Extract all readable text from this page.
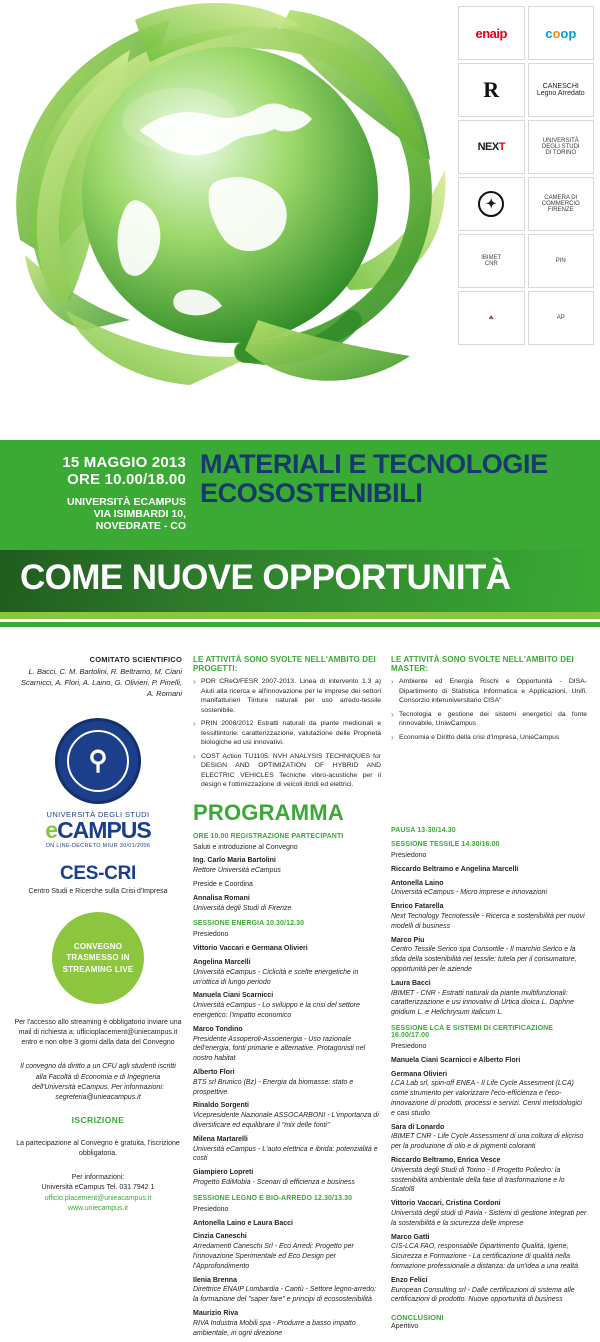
enaip	coop
R	CANESCHI
Legno Arredato
NEXT	UNIVERSITÀ
DEGLI STUDI
DI TORINO
✦	CAMERA DI
COMMERCIO
FIRENZE
IBIMET
CNR
PIN
☘	AP
15 MAGGIO 2013
ORE 10.00/18.00
UNIVERSITÀ ECAMPUS
VIA ISIMBARDI 10, NOVEDRATE - CO
MATERIALI E TECNOLOGIE
ECOSOSTENIBILI
COME NUOVE OPPORTUNITÀ
COMITATO SCIENTIFICO
L. Bacci, C. M. Bartolini, R. Beltramo, M. Ciani Scarnicci, A. Flori, A. Laino, G. Olivieri, P. Pinelli, A. Romani
⚲
UNIVERSITÀ DEGLI STUDI
eCAMPUS
ON LINE-DECRETO MIUR 30/01/2006
CES-CRI
Centro Studi e Ricerche sulla Crisi d'Impresa
CONVEGNO TRASMESSO IN STREAMING LIVE
Per l'accesso allo streaming è obbligatorio inviare una mail di richiesta a: ufficioplacement@uniecampus.it entro e non oltre 3 giorni dalla data del Convegno
Il convegno dà diritto a un CFU agli studenti iscritti alla Facoltà di Economia e di Ingegneria dell'Università eCampus. Per informazioni: segreteria@unieacampus.it
ISCRIZIONE
La partecipazione al Convegno è gratuita, l'iscrizione obbligatoria.
Per informazioni:
Università eCampus Tel. 031 7942 1
ufficio.placement@unieacampus.it
www.uniecampus.it
LE ATTIVITÀ SONO SVOLTE NELL'AMBITO DEI PROGETTI:
› POR CReO/FESR 2007-2013. Linea di intervento 1.3 a) Aiuti alla ricerca e all'innovazione per le imprese dei settori manifatturieri Tinture naturali per uso arredo-tessile sostenibile.
› PRIN 2008/2012 Estratti naturali da piante medicinali e tessiltintorie: caratterizzazione, valutazione delle Proprietà biologiche ed usi innovativi.
› COST Action TU1105: NVH ANALYSIS TECHNIQUES for DESIGN AND OPTIMIZATION OF HYBRID AND ELECTRIC VEHICLES Tecniche vibro-acustiche per il design e l'ottimizzazione di veicoli ibridi ed elettrici.
PROGRAMMA
ORE 10.00 REGISTRAZIONE PARTECIPANTI
Saluti e introduzione al Convegno
Ing. Carlo Maria Bartolini
Rettore Università eCampus
Preside e Coordina
Annalisa Romani
Università degli Studi di Firenze
SESSIONE ENERGIA 10.30/12.30
Presiedono
Vittorio Vaccari e Germana Olivieri
Angelina Marcelli
Università eCampus - Ciclicità e scelte energetiche in un'ottica di lungo periodo
Manuela Ciani Scarnicci
Università eCampus - Lo sviluppo e la crisi del settore energetico: l'impatto economico
Marco Tondino
Presidente Assoperoli-Assoenergia - Uso razionale dell'energia, fonti primarie e alternative. Protagonisti nel nostro habitat
Alberto Flori
BTS srl Brunico (Bz) - Energia da biomasse: stato e prospettive
Rinaldo Sorgenti
Vicepresidente Nazionale ASSOCARBONI - L'importanza di diversificare ed equilibrare il "mix delle fonti"
Milena Martarelli
Università eCampus - L'auto elettrica e ibrida: potenzialità e costi
Giampiero Lopreti
Progetto EdiMobia - Scenari di efficienza e business
SESSIONE LEGNO E BIO-ARREDO 12.30/13.30
Presiedono
Antonella Laino e Laura Bacci
Cinzia Caneschi
Arredamenti Caneschi Srl - Eco Arredi: Progetto per l'innovazione Sperimentale ed Eco Design per l'Approfondimento
Ilenia Brenna
Direttrice ENAIP Lombardia - Cantù - Settore legno-arredo: la formazione del "saper fare" e principi di ecosostenibilità
Maurizio Riva
RIVA Industria Mobili spa - Produrre a basso impatto ambientale, in ogni direzione
LE ATTIVITÀ SONO SVOLTE NELL'AMBITO DEI MASTER:
› Ambiente ed Energia Rischi e Opportunità - DISA-Dipartimento di Statistica Informatica e Applicazioni, Unifi. Consorzio interuniversitario CISA"
› Tecnologia e gestione dei sistemi energetici da fonte rinnovabile, UniwCampus
› Economia e Diritto della crisi d'Impresa, UnieCampus
PAUSA 13-30/14.30
SESSIONE TESSILE 14.30/16.00
Presiedono
Riccardo Beltramo e Angelina Marcelli
Antonella Laino
Università eCampus - Micro imprese e innovazioni
Enrico Fatarella
Next Tecnology Tecnotessile - Ricerca e sostenibilità per nuovi modelli di business
Marco Piu
Centro Tessile Serico spa Consortile - Il marchio Serico e la sfida della sostenibilità nel tessile: tutela per il consumatore, opportunità per le aziende
Laura Bacci
IBIMET - CNR - Estratti naturali da piante multifunzionali: caratterizzazione e usi innovativi di Urtica dioica L. Daphne gnidium L. e Helichrysum italicum L.
SESSIONE LCA E SISTEMI DI CERTIFICAZIONE 16.00/17.00
Presiedono
Manuela Ciani Scarnicci e Alberto Flori
Germana Olivieri
LCA Lab srl, spin-off ENEA - Il Life Cycle Assesment (LCA) come strumento per valorizzare l'eco-efficienza e l'eco-innovazione di prodotti, processi e servizi. Cenni metodologici e casi studio
Sara di Lonardo
IBIMET CNR - Life Cycle Assessment di una coltura di elicriso per la produzione di olio e di pigmenti coloranti
Riccardo Beltramo, Enrica Vesce
Università degli Studi di Torino - Il Progetto Poliedro: la sostenibilità ambientale della fase di trasformazione e lo Scatol8
Vittorio Vaccari, Cristina Cordoni
Università degli studi di Pavia - Sistemi di gestione integrati per la sostenibilità e la sicurezza delle imprese
Marco Gatti
CIS-LCA FAO, responsabile Dipartimento Qualità, Igiene, Sicurezza e Formazione - La certificazione di qualità nella formazione professionale a distanza: da un'idea a una realtà
Enzo Felici
European Consulting srl - Dalle certificazioni di sistema alle certificazioni di prodotto. Nuove opportunità di business
CONCLUSIONI
Aperitivo
